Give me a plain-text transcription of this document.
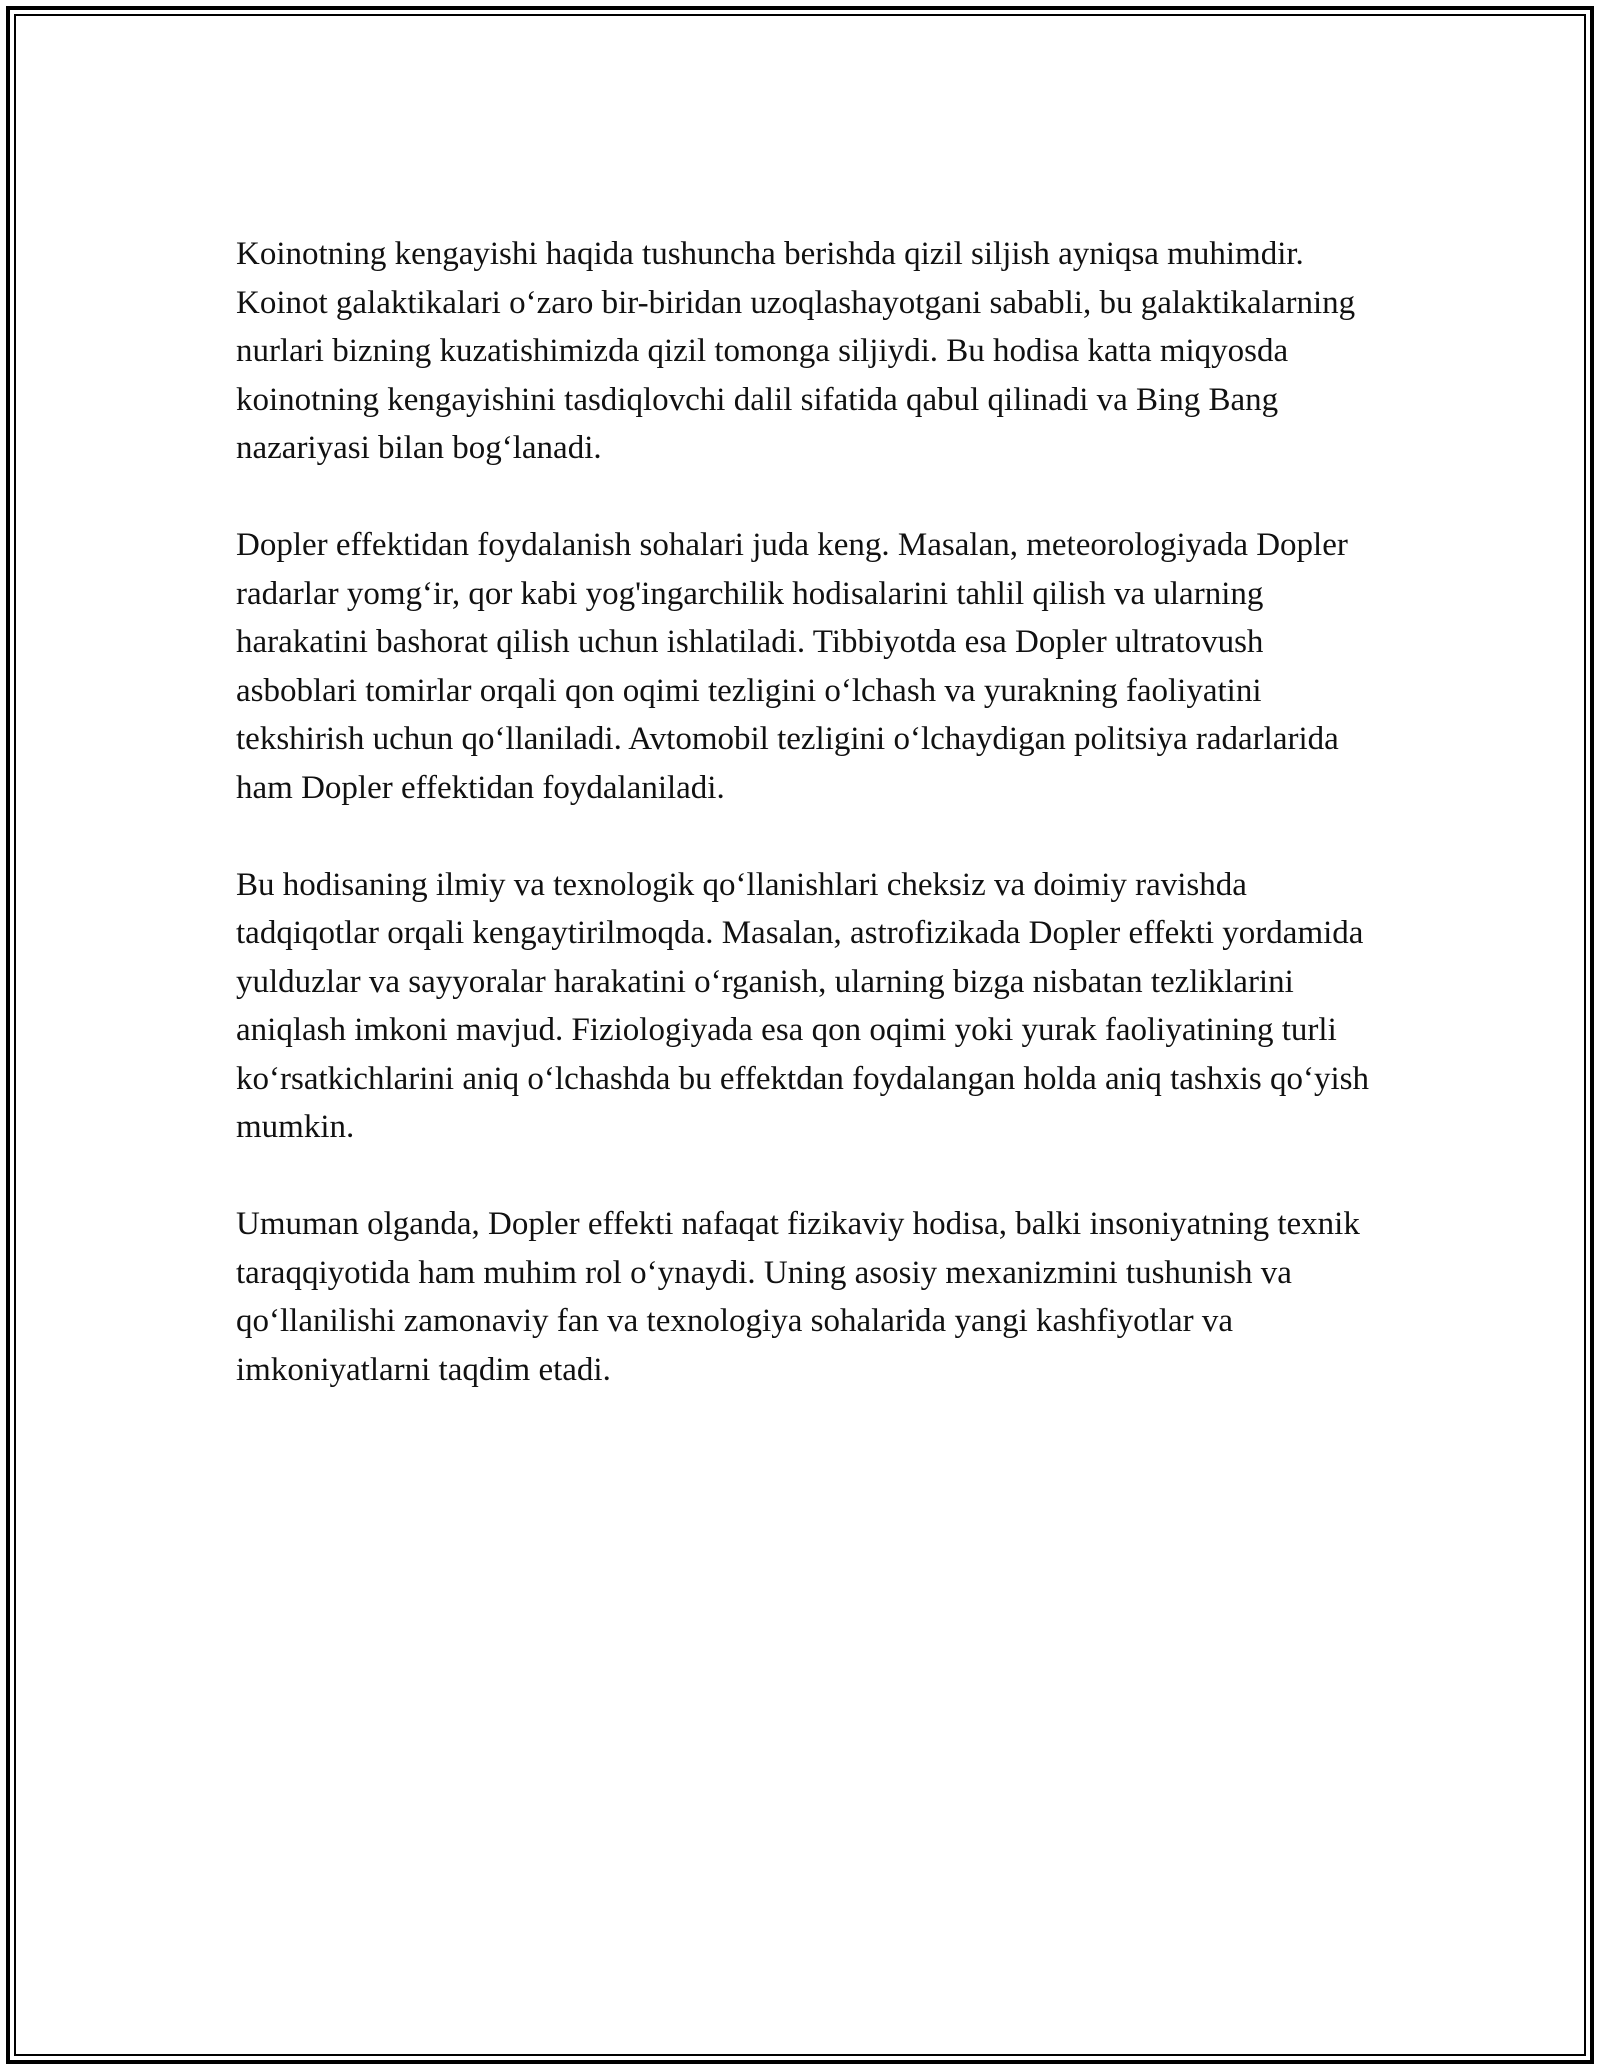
Koinotning kengayishi haqida tushuncha berishda qizil siljish ayniqsa muhimdir. Koinot galaktikalari o‘zaro bir-biridan uzoqlashayotgani sababli, bu galaktikalarning nurlari bizning kuzatishimizda qizil tomonga siljiydi. Bu hodisa katta miqyosda koinotning kengayishini tasdiqlovchi dalil sifatida qabul qilinadi va Bing Bang nazariyasi bilan bog‘lanadi.

Dopler effektidan foydalanish sohalari juda keng. Masalan, meteorologiyada Dopler radarlar yomg‘ir, qor kabi yog'ingarchilik hodisalarini tahlil qilish va ularning harakatini bashorat qilish uchun ishlatiladi. Tibbiyotda esa Dopler ultratovush asboblari tomirlar orqali qon oqimi tezligini o‘lchash va yurakning faoliyatini tekshirish uchun qo‘llaniladi. Avtomobil tezligini o‘lchaydigan politsiya radarlarida ham Dopler effektidan foydalaniladi.

Bu hodisaning ilmiy va texnologik qo‘llanishlari cheksiz va doimiy ravishda tadqiqotlar orqali kengaytirilmoqda. Masalan, astrofizikada Dopler effekti yordamida yulduzlar va sayyoralar harakatini o‘rganish, ularning bizga nisbatan tezliklarini aniqlash imkoni mavjud. Fiziologiyada esa qon oqimi yoki yurak faoliyatining turli ko‘rsatkichlarini aniq o‘lchashda bu effektdan foydalangan holda aniq tashxis qo‘yish mumkin.

Umuman olganda, Dopler effekti nafaqat fizikaviy hodisa, balki insoniyatning texnik taraqqiyotida ham muhim rol o‘ynaydi. Uning asosiy mexanizmini tushunish va qo‘llanilishi zamonaviy fan va texnologiya sohalarida yangi kashfiyotlar va imkoniyatlarni taqdim etadi.
